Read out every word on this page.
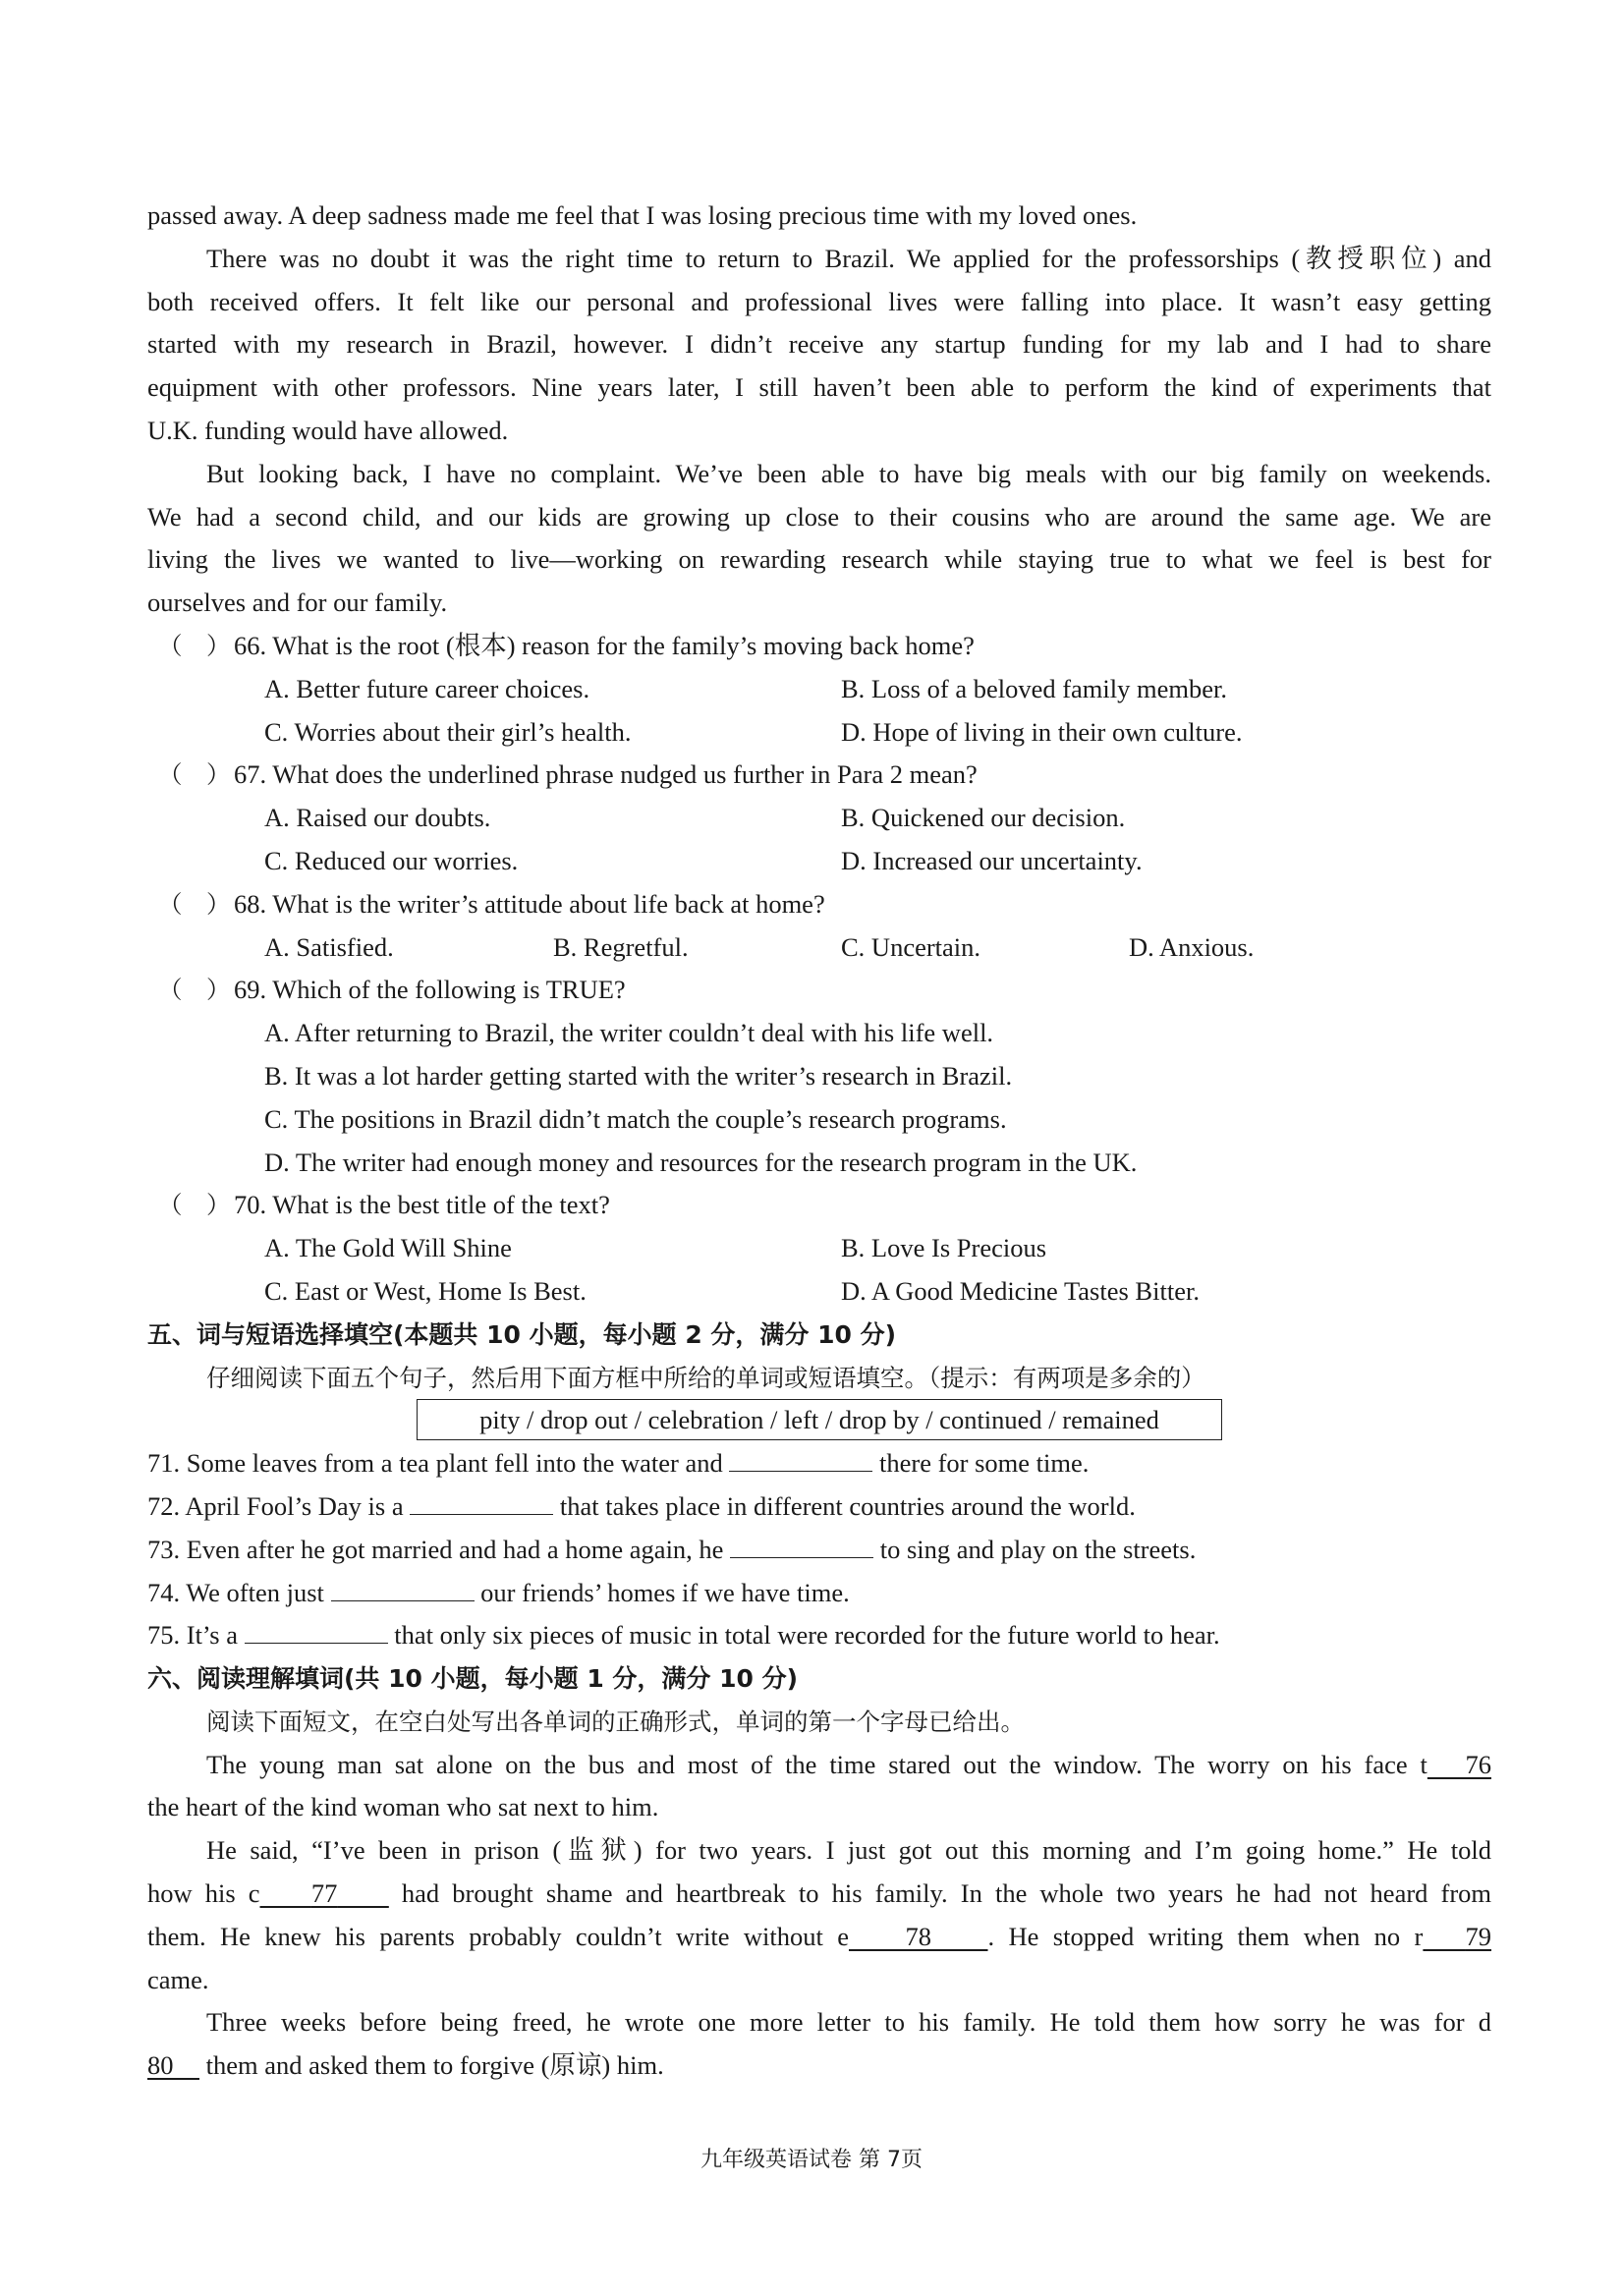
passed away. A deep sadness made me feel that I was losing precious time with my loved ones.
There was no doubt it was the right time to return to Brazil. We applied for the professorships (教授职位) and
both received offers. It felt like our personal and professional lives were falling into place. It wasn’t easy getting
started with my research in Brazil, however. I didn’t receive any startup funding for my lab and I had to share
equipment with other professors. Nine years later, I still haven’t been able to perform the kind of experiments that
U.K. funding would have allowed.
But looking back, I have no complaint. We’ve been able to have big meals with our big family on weekends.
We had a second child, and our kids are growing up close to their cousins who are around the same age. We are
living the lives we wanted to live—working on rewarding research while staying true to what we feel is best for
ourselves and for our family.
（　） 66. What is the root (根本) reason for the family’s moving back home?
A. Better future career choices.	B. Loss of a beloved family member.
C. Worries about their girl’s health.	D. Hope of living in their own culture.
（　） 67. What does the underlined phrase nudged us further in Para 2 mean?
A. Raised our doubts.	B. Quickened our decision.
C. Reduced our worries.	D. Increased our uncertainty.
（　） 68. What is the writer’s attitude about life back at home?
A. Satisfied.	B. Regretful.	C. Uncertain.	D. Anxious.
（　） 69. Which of the following is TRUE?
A. After returning to Brazil, the writer couldn’t deal with his life well.
B. It was a lot harder getting started with the writer’s research in Brazil.
C. The positions in Brazil didn’t match the couple’s research programs.
D. The writer had enough money and resources for the research program in the UK.
（　） 70. What is the best title of the text?
A. The Gold Will Shine	B. Love Is Precious
C. East or West, Home Is Best.	D. A Good Medicine Tastes Bitter.
五、词与短语选择填空(本题共 10 小题，每小题 2 分，满分 10 分)
仔细阅读下面五个句子，然后用下面方框中所给的单词或短语填空。（提示：有两项是多余的）
pity / drop out / celebration / left / drop by / continued / remained
71. Some leaves from a tea plant fell into the water and	there for some time.
72. April Fool’s Day is a	that takes place in different countries around the world.
73. Even after he got married and had a home again, he	to sing and play on the streets.
74. We often just	our friends’ homes if we have time.
75. It’s a	that only six pieces of music in total were recorded for the future world to hear.
六、阅读理解填词(共 10 小题，每小题 1 分，满分 10 分)
阅读下面短文，在空白处写出各单词的正确形式，单词的第一个字母已给出。
The young man sat alone on the bus and most of the time stared out the window. The worry on his face t 76
the heart of the kind woman who sat next to him.
He said, “I’ve been in prison (监狱) for two years. I just got out this morning and I’m going home.” He told
how his c 77 had brought shame and heartbreak to his family. In the whole two years he had not heard from
them. He knew his parents probably couldn’t write without e 78 . He stopped writing them when no r 79
came.
Three weeks before being freed, he wrote one more letter to his family. He told them how sorry he was for d
80 them and asked them to forgive (原谅) him.
九年级英语试卷 第 7页
